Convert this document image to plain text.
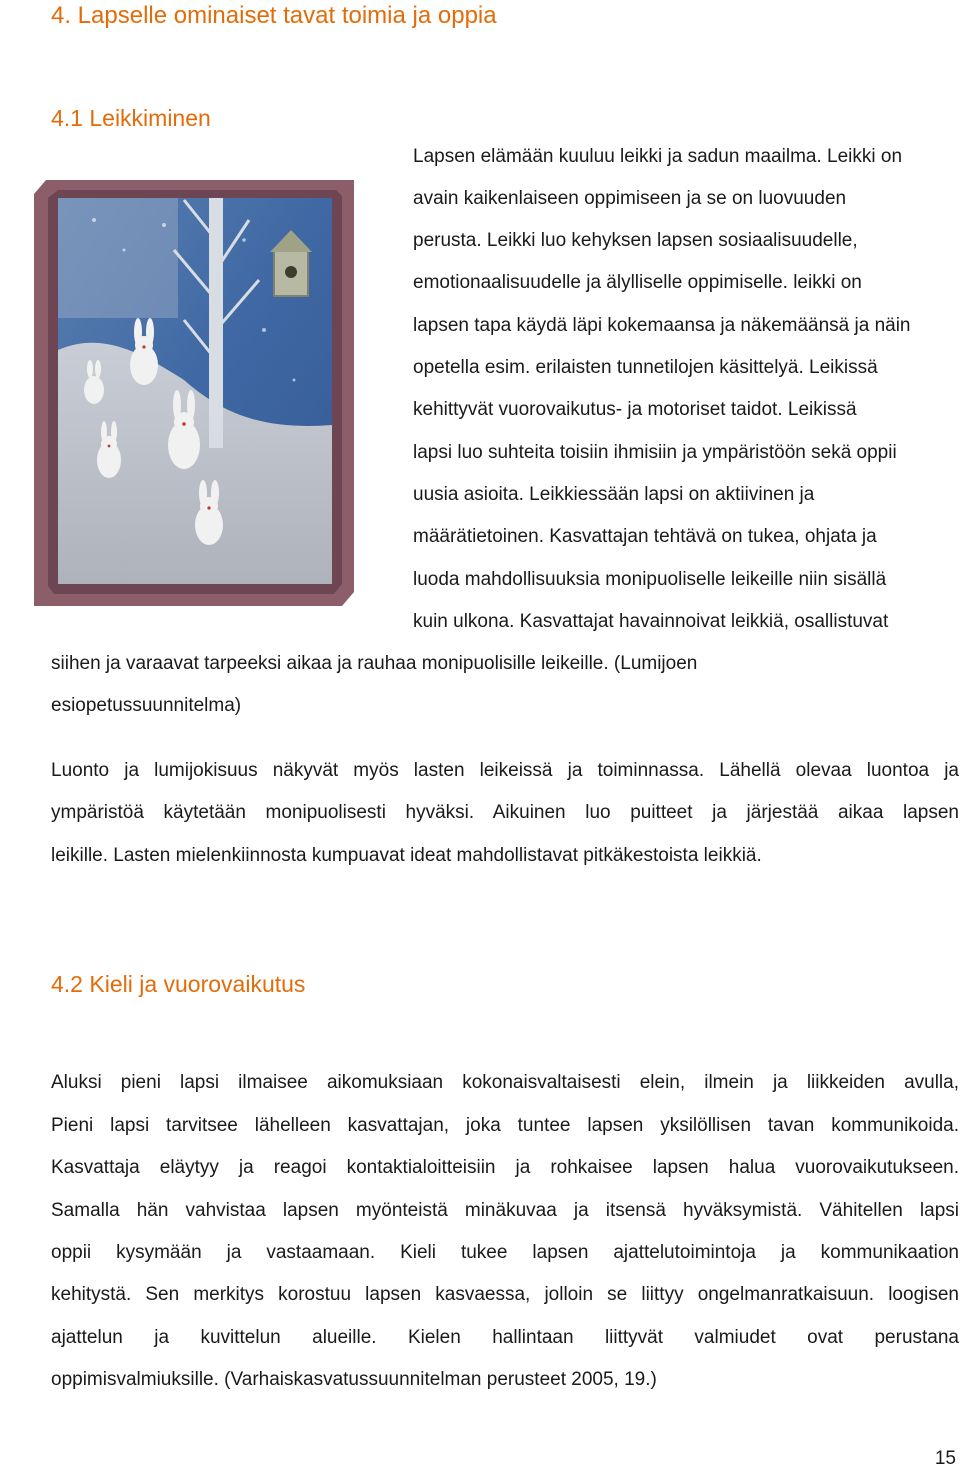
4. Lapselle ominaiset tavat toimia ja oppia
4.1 Leikkiminen
Lapsen elämään kuuluu leikki ja sadun maailma. Leikki on
avain kaikenlaiseen oppimiseen ja se on luovuuden
perusta. Leikki luo kehyksen lapsen sosiaalisuudelle,
emotionaalisuudelle ja älylliselle oppimiselle. leikki on
lapsen tapa käydä läpi kokemaansa ja näkemäänsä ja näin
opetella esim. erilaisten tunnetilojen käsittelyä. Leikissä
kehittyvät vuorovaikutus- ja motoriset taidot. Leikissä
lapsi luo suhteita toisiin ihmisiin ja ympäristöön sekä oppii
uusia asioita. Leikkiessään lapsi on aktiivinen ja
määrätietoinen. Kasvattajan tehtävä on tukea, ohjata ja
luoda mahdollisuuksia monipuoliselle leikeille niin sisällä
kuin ulkona. Kasvattajat havainnoivat leikkiä, osallistuvat
siihen ja varaavat tarpeeksi aikaa ja rauhaa monipuolisille leikeille. (Lumijoen
esiopetussuunnitelma)
Luonto ja lumijokisuus näkyvät myös lasten leikeissä ja toiminnassa. Lähellä olevaa luontoa ja
ympäristöä käytetään monipuolisesti hyväksi. Aikuinen luo puitteet ja järjestää aikaa lapsen
leikille. Lasten mielenkiinnosta kumpuavat ideat mahdollistavat pitkäkestoista leikkiä.
4.2 Kieli ja vuorovaikutus
Aluksi pieni lapsi ilmaisee aikomuksiaan kokonaisvaltaisesti elein, ilmein ja liikkeiden avulla,
Pieni lapsi tarvitsee lähelleen kasvattajan, joka tuntee lapsen yksilöllisen tavan kommunikoida.
Kasvattaja eläytyy ja reagoi kontaktialoitteisiin ja rohkaisee lapsen halua vuorovaikutukseen.
Samalla hän vahvistaa lapsen myönteistä minäkuvaa ja itsensä hyväksymistä. Vähitellen lapsi
oppii kysymään ja vastaamaan. Kieli tukee lapsen ajattelutoimintoja ja kommunikaation
kehitystä. Sen merkitys korostuu lapsen kasvaessa, jolloin se liittyy ongelmanratkaisuun. loogisen
ajattelun ja kuvittelun alueille. Kielen hallintaan liittyvät valmiudet ovat perustana
oppimisvalmiuksille. (Varhaiskasvatussuunnitelman perusteet 2005, 19.)
15
